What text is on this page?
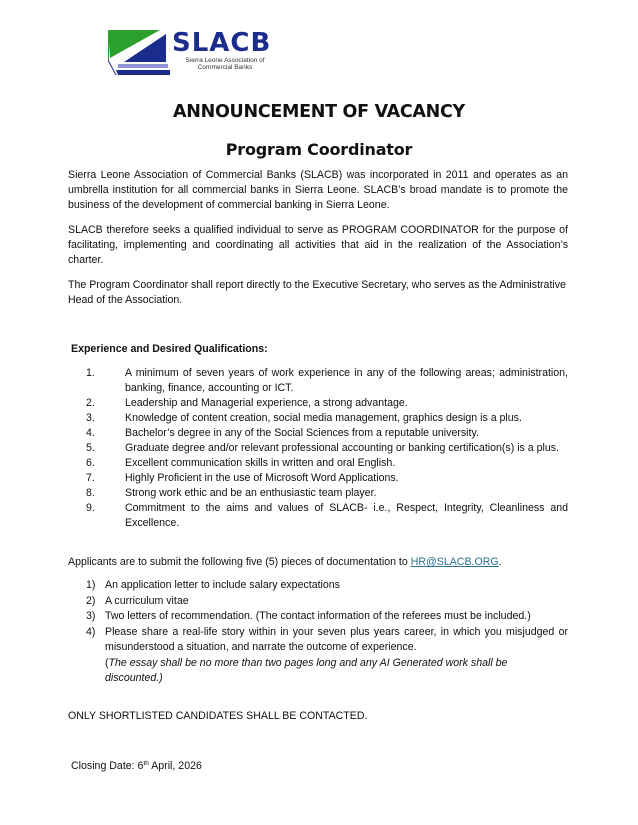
SLACB
Sierra Leone Association of
Commercial Banks
ANNOUNCEMENT OF VACANCY
Program Coordinator
Sierra Leone Association of Commercial Banks (SLACB) was incorporated in 2011 and operates as an umbrella institution for all commercial banks in Sierra Leone. SLACB’s broad mandate is to promote the business of the development of commercial banking in Sierra Leone.
SLACB therefore seeks a qualified individual to serve as PROGRAM COORDINATOR for the purpose of facilitating, implementing and coordinating all activities that aid in the realization of the Association’s charter.
The Program Coordinator shall report directly to the Executive Secretary, who serves as the Administrative Head of the Association.
Experience and Desired Qualifications:
1.	A minimum of seven years of work experience in any of the following areas; administration, banking, finance, accounting or ICT.
2.	Leadership and Managerial experience, a strong advantage.
3.	Knowledge of content creation, social media management, graphics design is a plus.
4.	Bachelor’s degree in any of the Social Sciences from a reputable university.
5.	Graduate degree and/or relevant professional accounting or banking certification(s) is a plus.
6.	Excellent communication skills in written and oral English.
7.	Highly Proficient in the use of Microsoft Word Applications.
8.	Strong work ethic and be an enthusiastic team player.
9.	Commitment to the aims and values of SLACB- i.e., Respect, Integrity, Cleanliness and Excellence.
Applicants are to submit the following five (5) pieces of documentation to HR@SLACB.ORG.
1) An application letter to include salary expectations
2) A curriculum vitae
3) Two letters of recommendation. (The contact information of the referees must be included.)
4) Please share a real-life story within in your seven plus years career, in which you misjudged or misunderstood a situation, and narrate the outcome of experience.
(The essay shall be no more than two pages long and any AI Generated work shall be discounted.)
ONLY SHORTLISTED CANDIDATES SHALL BE CONTACTED.
Closing Date: 6th April, 2026
